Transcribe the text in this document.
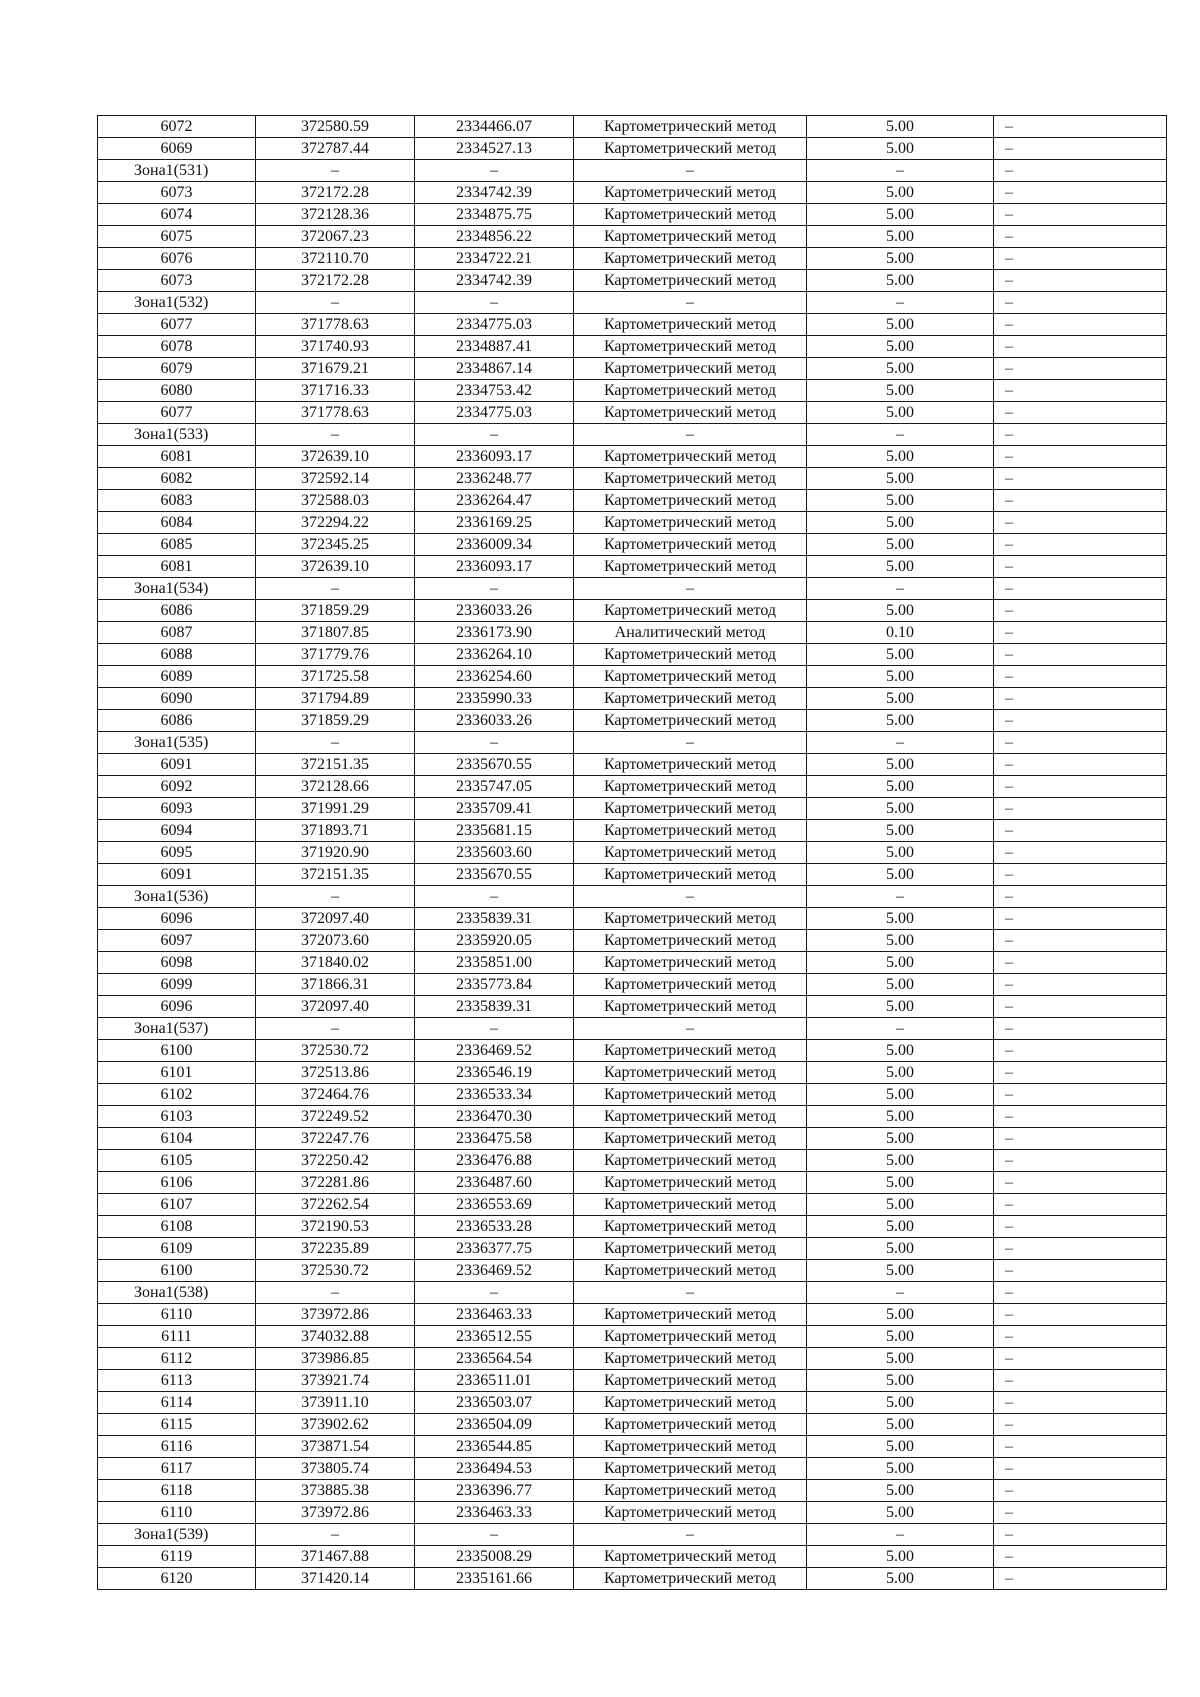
6072	372580.59	2334466.07	Картометрический метод	5.00	–
6069	372787.44	2334527.13	Картометрический метод	5.00	–
Зона1(531)	–	–	–	–	–
6073	372172.28	2334742.39	Картометрический метод	5.00	–
6074	372128.36	2334875.75	Картометрический метод	5.00	–
6075	372067.23	2334856.22	Картометрический метод	5.00	–
6076	372110.70	2334722.21	Картометрический метод	5.00	–
6073	372172.28	2334742.39	Картометрический метод	5.00	–
Зона1(532)	–	–	–	–	–
6077	371778.63	2334775.03	Картометрический метод	5.00	–
6078	371740.93	2334887.41	Картометрический метод	5.00	–
6079	371679.21	2334867.14	Картометрический метод	5.00	–
6080	371716.33	2334753.42	Картометрический метод	5.00	–
6077	371778.63	2334775.03	Картометрический метод	5.00	–
Зона1(533)	–	–	–	–	–
6081	372639.10	2336093.17	Картометрический метод	5.00	–
6082	372592.14	2336248.77	Картометрический метод	5.00	–
6083	372588.03	2336264.47	Картометрический метод	5.00	–
6084	372294.22	2336169.25	Картометрический метод	5.00	–
6085	372345.25	2336009.34	Картометрический метод	5.00	–
6081	372639.10	2336093.17	Картометрический метод	5.00	–
Зона1(534)	–	–	–	–	–
6086	371859.29	2336033.26	Картометрический метод	5.00	–
6087	371807.85	2336173.90	Аналитический метод	0.10	–
6088	371779.76	2336264.10	Картометрический метод	5.00	–
6089	371725.58	2336254.60	Картометрический метод	5.00	–
6090	371794.89	2335990.33	Картометрический метод	5.00	–
6086	371859.29	2336033.26	Картометрический метод	5.00	–
Зона1(535)	–	–	–	–	–
6091	372151.35	2335670.55	Картометрический метод	5.00	–
6092	372128.66	2335747.05	Картометрический метод	5.00	–
6093	371991.29	2335709.41	Картометрический метод	5.00	–
6094	371893.71	2335681.15	Картометрический метод	5.00	–
6095	371920.90	2335603.60	Картометрический метод	5.00	–
6091	372151.35	2335670.55	Картометрический метод	5.00	–
Зона1(536)	–	–	–	–	–
6096	372097.40	2335839.31	Картометрический метод	5.00	–
6097	372073.60	2335920.05	Картометрический метод	5.00	–
6098	371840.02	2335851.00	Картометрический метод	5.00	–
6099	371866.31	2335773.84	Картометрический метод	5.00	–
6096	372097.40	2335839.31	Картометрический метод	5.00	–
Зона1(537)	–	–	–	–	–
6100	372530.72	2336469.52	Картометрический метод	5.00	–
6101	372513.86	2336546.19	Картометрический метод	5.00	–
6102	372464.76	2336533.34	Картометрический метод	5.00	–
6103	372249.52	2336470.30	Картометрический метод	5.00	–
6104	372247.76	2336475.58	Картометрический метод	5.00	–
6105	372250.42	2336476.88	Картометрический метод	5.00	–
6106	372281.86	2336487.60	Картометрический метод	5.00	–
6107	372262.54	2336553.69	Картометрический метод	5.00	–
6108	372190.53	2336533.28	Картометрический метод	5.00	–
6109	372235.89	2336377.75	Картометрический метод	5.00	–
6100	372530.72	2336469.52	Картометрический метод	5.00	–
Зона1(538)	–	–	–	–	–
6110	373972.86	2336463.33	Картометрический метод	5.00	–
6111	374032.88	2336512.55	Картометрический метод	5.00	–
6112	373986.85	2336564.54	Картометрический метод	5.00	–
6113	373921.74	2336511.01	Картометрический метод	5.00	–
6114	373911.10	2336503.07	Картометрический метод	5.00	–
6115	373902.62	2336504.09	Картометрический метод	5.00	–
6116	373871.54	2336544.85	Картометрический метод	5.00	–
6117	373805.74	2336494.53	Картометрический метод	5.00	–
6118	373885.38	2336396.77	Картометрический метод	5.00	–
6110	373972.86	2336463.33	Картометрический метод	5.00	–
Зона1(539)	–	–	–	–	–
6119	371467.88	2335008.29	Картометрический метод	5.00	–
6120	371420.14	2335161.66	Картометрический метод	5.00	–
